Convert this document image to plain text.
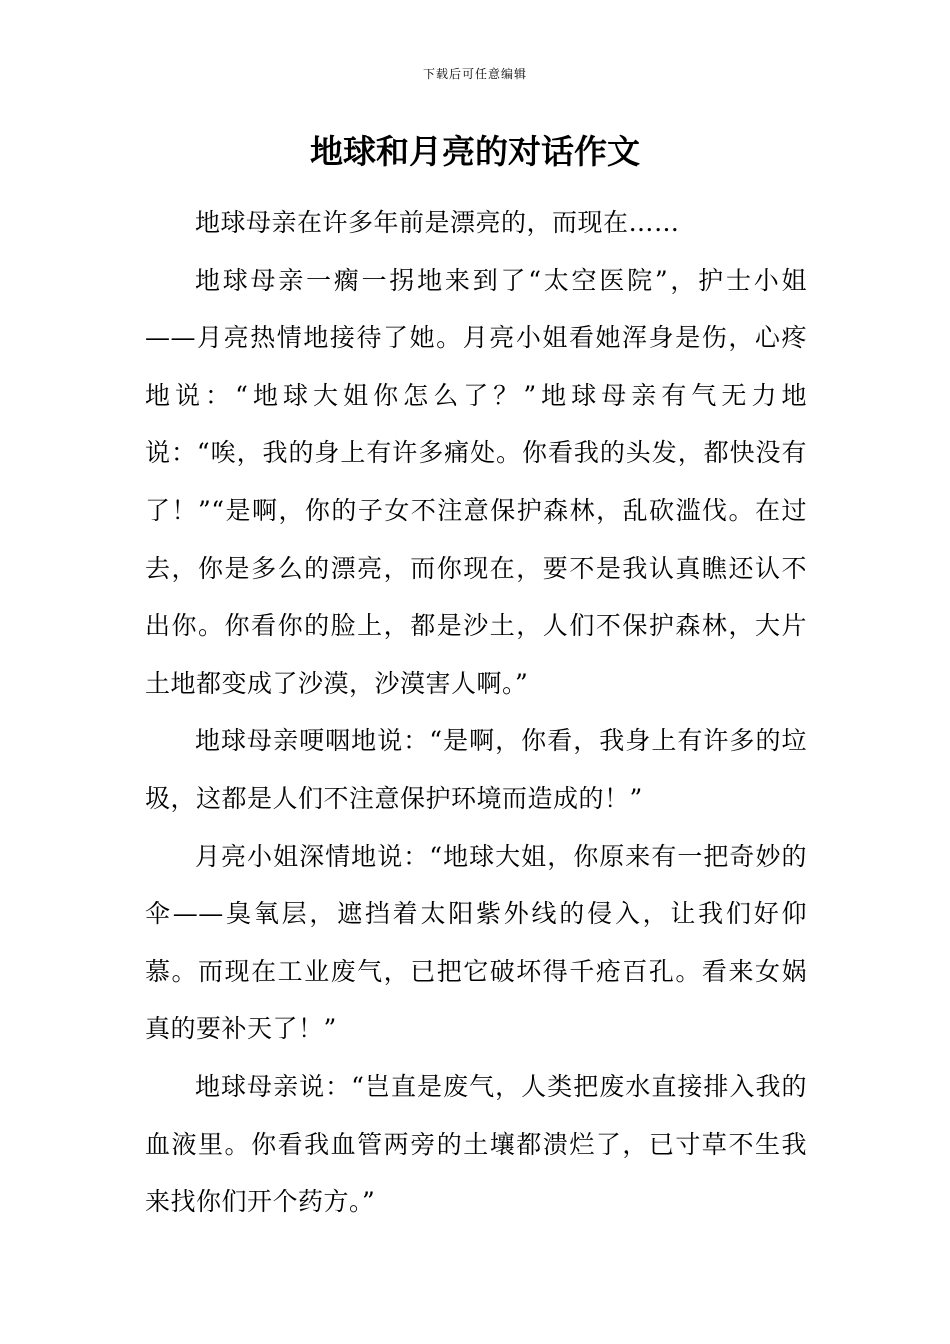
下载后可任意编辑
地球和月亮的对话作文

地球母亲在许多年前是漂亮的，而现在……

地球母亲一瘸一拐地来到了“太空医院”，护士小姐——月亮热情地接待了她。月亮小姐看她浑身是伤，心疼地说：“地球大姐你怎么了？”地球母亲有气无力地说：“唉，我的身上有许多痛处。你看我的头发，都快没有了！”“是啊，你的子女不注意保护森林，乱砍滥伐。在过去，你是多么的漂亮，而你现在，要不是我认真瞧还认不出你。你看你的脸上，都是沙土，人们不保护森林，大片土地都变成了沙漠，沙漠害人啊。”

地球母亲哽咽地说：“是啊，你看，我身上有许多的垃圾，这都是人们不注意保护环境而造成的！”

月亮小姐深情地说：“地球大姐，你原来有一把奇妙的伞——臭氧层，遮挡着太阳紫外线的侵入，让我们好仰慕。而现在工业废气，已把它破坏得千疮百孔。看来女娲真的要补天了！”

地球母亲说：“岂直是废气，人类把废水直接排入我的血液里。你看我血管两旁的土壤都溃烂了，已寸草不生我来找你们开个药方。”
